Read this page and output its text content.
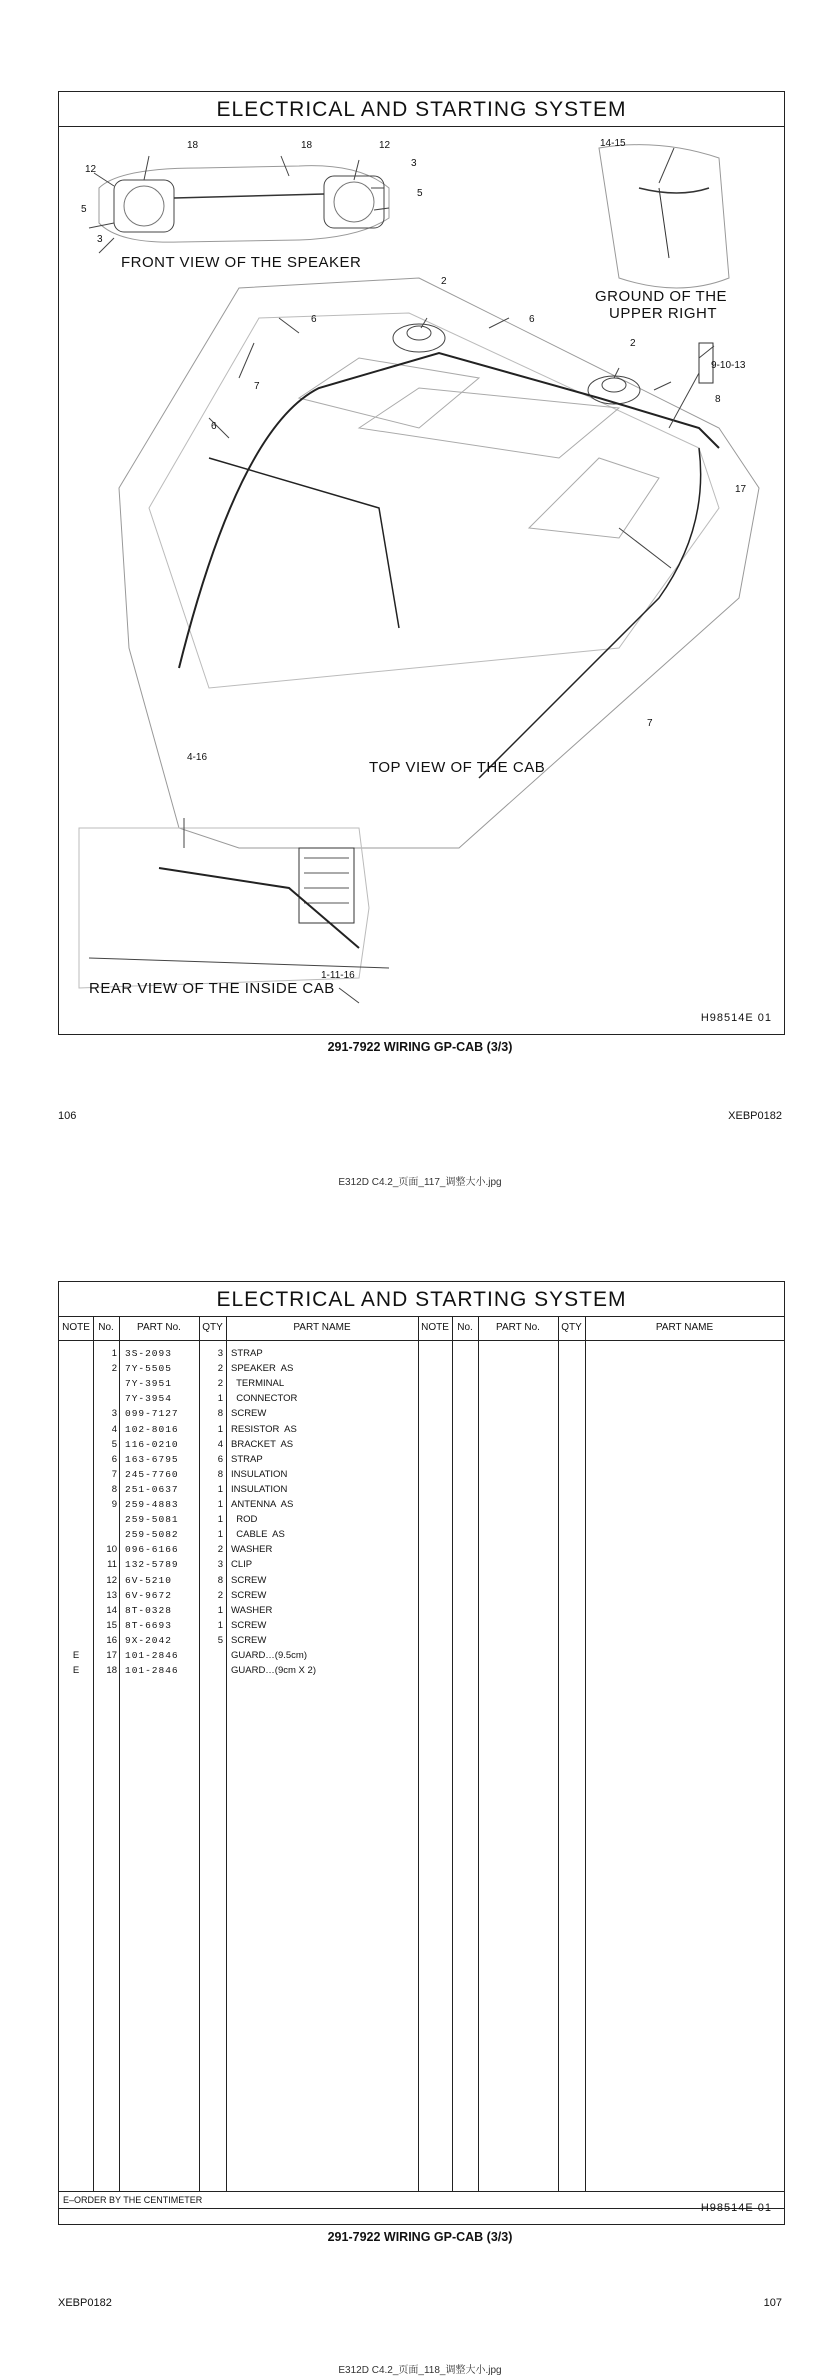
ELECTRICAL AND STARTING SYSTEM
18	18
12
12
3
3
5
5
14-15
2
2
6	6
6
7
7
9-10-13
8
17
4-16
1-11-16
FRONT VIEW OF THE SPEAKER
GROUND OF THE
UPPER RIGHT
TOP VIEW OF THE CAB
REAR VIEW OF THE INSIDE CAB
H98514E 01
291-7922 WIRING GP-CAB (3/3)
106	XEBP0182
E312D C4.2_页面_117_调整大小.jpg
ELECTRICAL AND STARTING SYSTEM
NOTE No.	PART No.	QTY	PART NAME	NOTE No.	PART No.	QTY	PART NAME
1 3S-2093	3 STRAP
2 7Y-5505	2 SPEAKER  AS
7Y-3951	2 TERMINAL
7Y-3954	1 CONNECTOR
3 099-7127	8 SCREW
4 102-8016	1 RESISTOR  AS
5 116-0210	4 BRACKET  AS
6 163-6795	6 STRAP
7 245-7760	8 INSULATION
8 251-0637	1 INSULATION
9 259-4883	1 ANTENNA  AS
259-5081	1 ROD
259-5082	1 CABLE  AS
10 096-6166	2 WASHER
11 132-5789	3 CLIP
12 6V-5210	8 SCREW
13 6V-9672	2 SCREW
14 8T-0328	1 WASHER
15 8T-6693	1 SCREW
16 9X-2042	5 SCREW
E	17 101-2846	GUARD…(9.5cm)
E	18 101-2846	GUARD…(9cm X 2)
E–ORDER BY THE CENTIMETER
H98514E 01
291-7922 WIRING GP-CAB (3/3)
XEBP0182	107
E312D C4.2_页面_118_调整大小.jpg
